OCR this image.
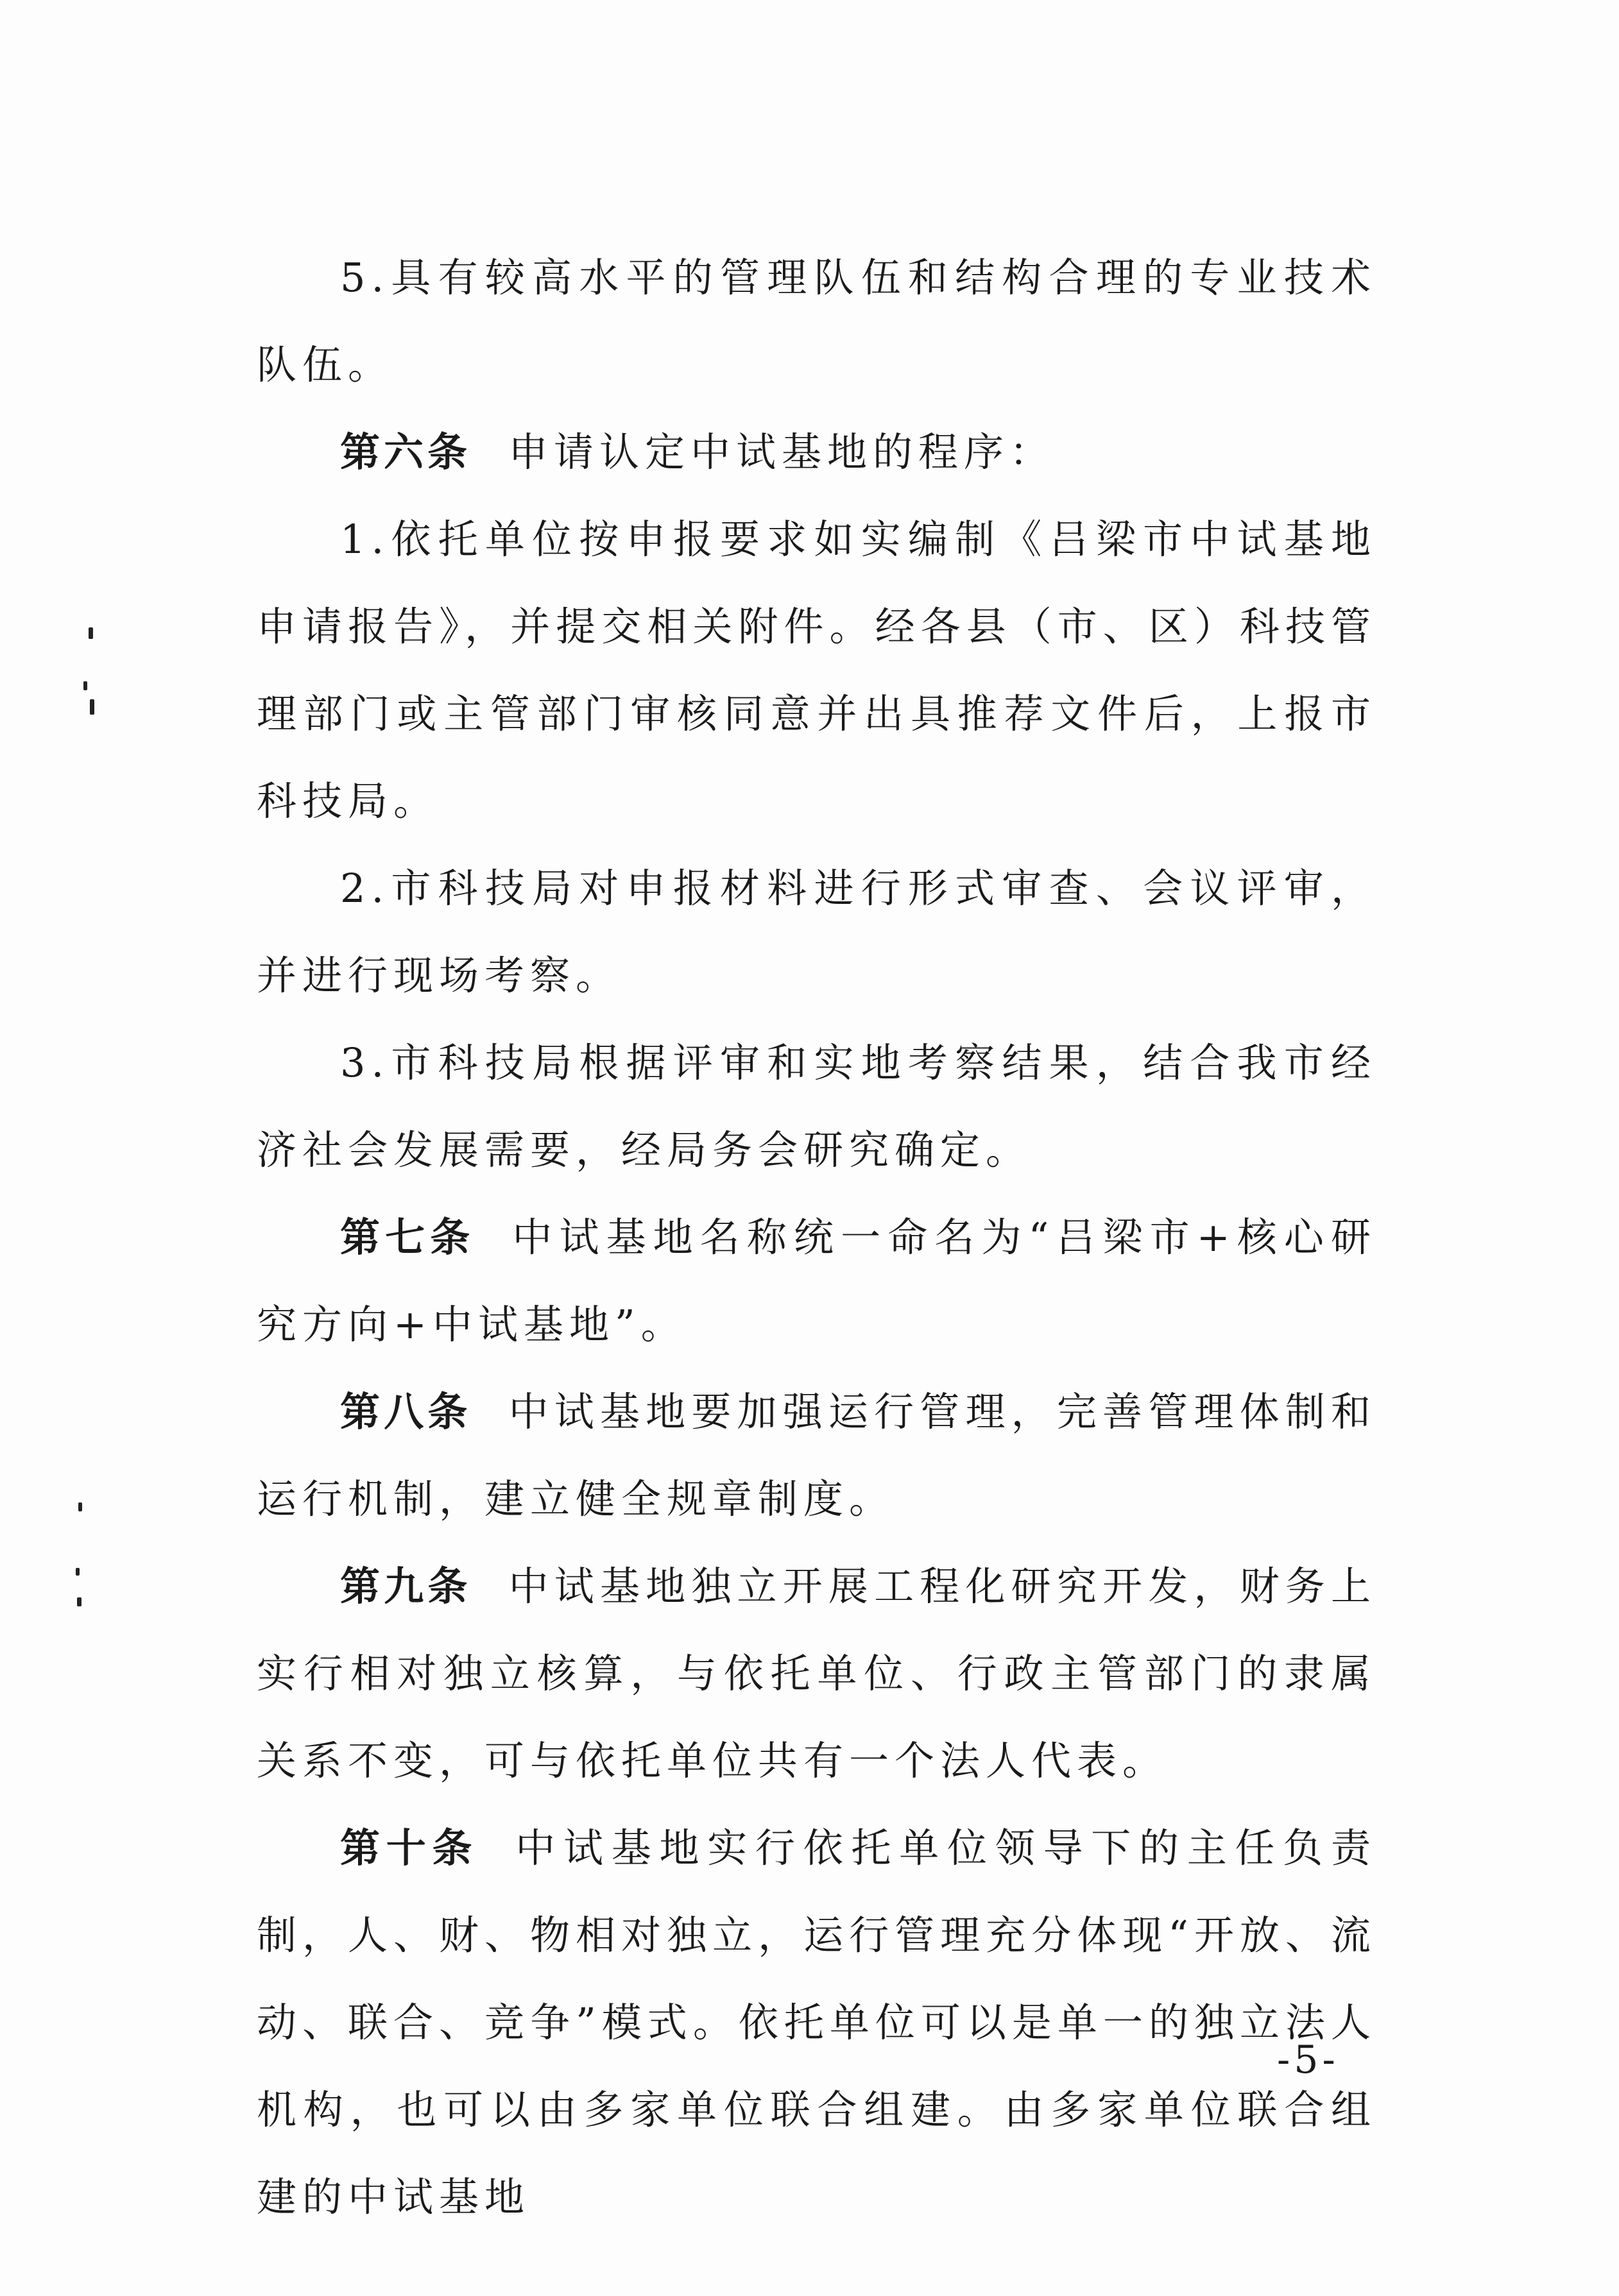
5.具有较高水平的管理队伍和结构合理的专业技术队伍。

第六条 申请认定中试基地的程序：

1.依托单位按申报要求如实编制《吕梁市中试基地申请报告》，并提交相关附件。经各县（市、区）科技管理部门或主管部门审核同意并出具推荐文件后，上报市科技局。

2.市科技局对申报材料进行形式审查、会议评审，并进行现场考察。

3.市科技局根据评审和实地考察结果，结合我市经济社会发展需要，经局务会研究确定。

第七条 中试基地名称统一命名为“吕梁市+核心研究方向+中试基地”。

第八条 中试基地要加强运行管理，完善管理体制和运行机制，建立健全规章制度。

第九条 中试基地独立开展工程化研究开发，财务上实行相对独立核算，与依托单位、行政主管部门的隶属关系不变，可与依托单位共有一个法人代表。

第十条 中试基地实行依托单位领导下的主任负责制，人、财、物相对独立，运行管理充分体现“开放、流动、联合、竞争”模式。依托单位可以是单一的独立法人机构，也可以由多家单位联合组建。由多家单位联合组建的中试基地

-5-
